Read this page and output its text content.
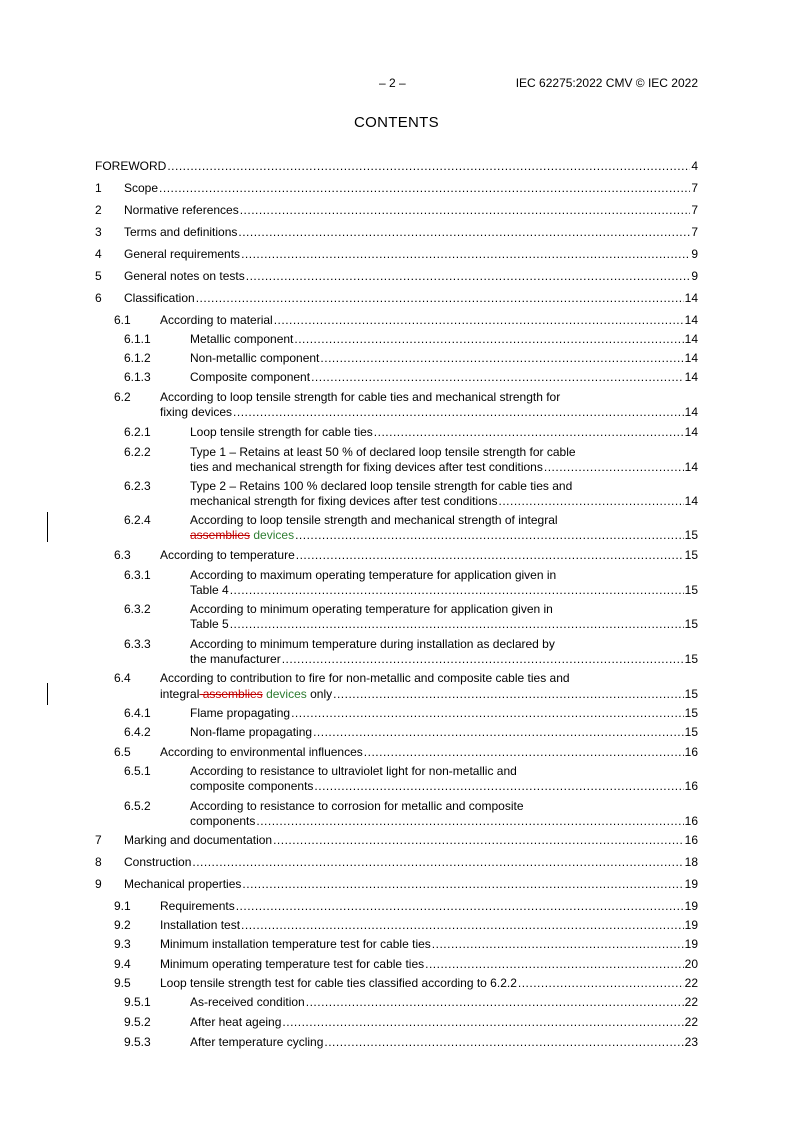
– 2 –	IEC 62275:2022 CMV © IEC 2022
CONTENTS
FOREWORD .....	4
1 Scope .....	7
2 Normative references .....	7
3 Terms and definitions .....	7
4 General requirements .....	9
5 General notes on tests .....	9
6 Classification .....	14
6.1 According to material .....	14
6.1.1	Metallic component .....	14
6.1.2	Non-metallic component .....	14
6.1.3	Composite component .....	14
6.2 According to loop tensile strength for cable ties and mechanical strength for
fixing devices .....	14
6.2.1	Loop tensile strength for cable ties .....	14
6.2.2	Type 1 – Retains at least 50 % of declared loop tensile strength for cable
ties and mechanical strength for fixing devices after test conditions .....	14
6.2.3	Type 2 – Retains 100 % declared loop tensile strength for cable ties and
mechanical strength for fixing devices after test conditions .....	14
6.2.4	According to loop tensile strength and mechanical strength of integral
assemblies devices .....	15
6.3 According to temperature .....	15
6.3.1	According to maximum operating temperature for application given in
Table 4 .....	15
6.3.2	According to minimum operating temperature for application given in
Table 5 .....	15
6.3.3	According to minimum temperature during installation as declared by
the manufacturer .....	15
6.4 According to contribution to fire for non-metallic and composite cable ties and
integral assemblies devices only .....	15
6.4.1	Flame propagating .....	15
6.4.2	Non-flame propagating .....	15
6.5 According to environmental influences .....	16
6.5.1	According to resistance to ultraviolet light for non-metallic and
composite components .....	16
6.5.2	According to resistance to corrosion for metallic and composite
components .....	16
7 Marking and documentation .....	16
8 Construction .....	18
9 Mechanical properties .....	19
9.1 Requirements .....	19
9.2 Installation test .....	19
9.3 Minimum installation temperature test for cable ties .....	19
9.4 Minimum operating temperature test for cable ties .....	20
9.5 Loop tensile strength test for cable ties classified according to 6.2.2 .....	22
9.5.1	As-received condition .....	22
9.5.2	After heat ageing .....	22
9.5.3	After temperature cycling .....	23
